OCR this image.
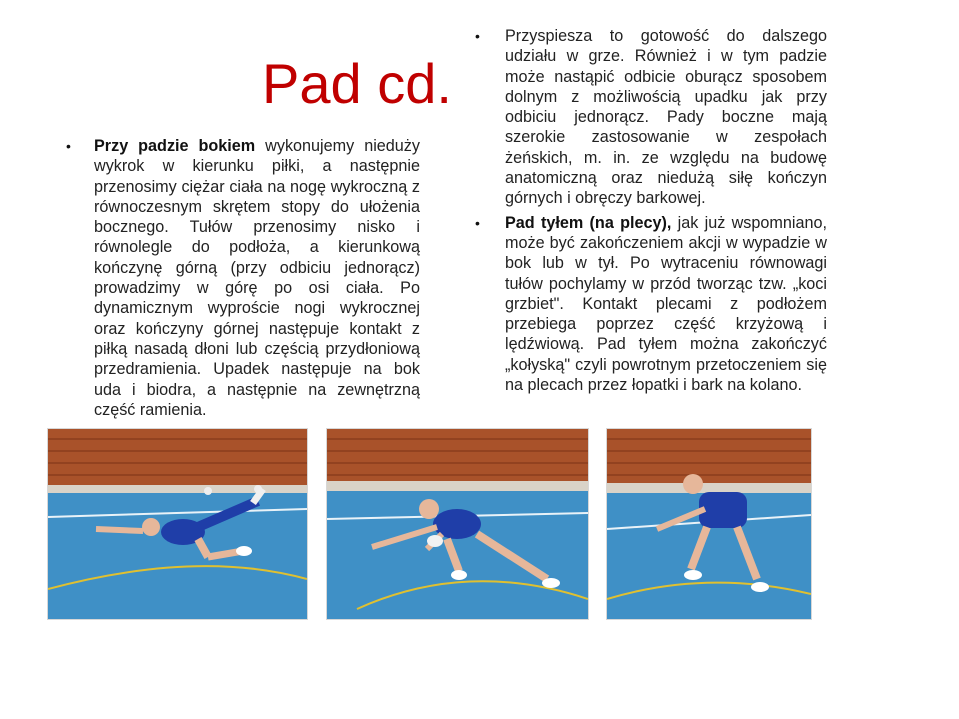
Pad cd.

• Przy padzie bokiem wykonujemy nieduży wykrok w kierunku piłki, a następnie przenosimy ciężar ciała na nogę wykroczną z równoczesnym skrętem stopy do ułożenia bocznego. Tułów przenosimy nisko i równolegle do podłoża, a kierunkową kończynę górną (przy odbiciu jednorącz) prowadzimy w górę po osi ciała. Po dynamicznym wyproście nogi wykrocznej oraz kończyny górnej następuje kontakt z piłką nasadą dłoni lub częścią przydłoniową przedramienia. Upadek następuje na bok uda i biodra, a następnie na zewnętrzną część ramienia.

• Przyspiesza to gotowość do dalszego udziału w grze. Również i w tym padzie może nastąpić odbicie oburącz sposobem dolnym z możliwością upadku jak przy odbiciu jednorącz. Pady boczne mają szerokie zastosowanie w zespołach żeńskich, m. in. ze względu na budowę anatomiczną oraz niedużą siłę kończyn górnych i obręczy barkowej.

• Pad tyłem (na plecy), jak już wspomniano, może być zakończeniem akcji w wypadzie w bok lub w tył. Po wytraceniu równowagi tułów pochylamy w przód tworząc tzw. „koci grzbiet". Kontakt plecami z podłożem przebiega poprzez część krzyżową i lędźwiową. Pad tyłem można zakończyć „kołyską" czyli powrotnym przetoczeniem się na plecach przez łopatki i bark na kolano.
